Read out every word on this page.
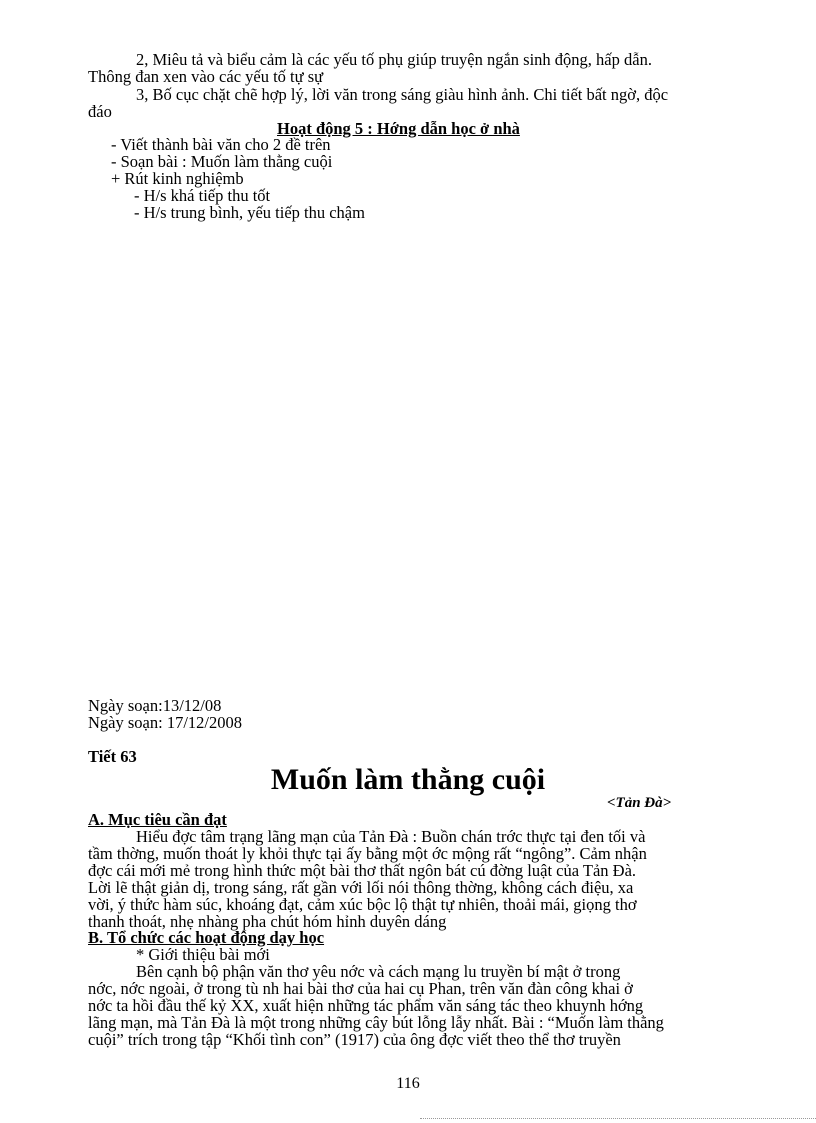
2, Miêu tả và biểu cảm là các yếu tố phụ giúp truyện ngắn sinh động, hấp dẫn.
Thông đan xen vào các yếu tố tự sự
3, Bố cục chặt chẽ hợp lý, lời văn trong sáng giàu hình ảnh. Chi tiết bất ngờ, độc
đáo
Hoạt động 5 : Hớng dẫn học ở nhà
- Viết thành bài văn cho 2 đề trên
- Soạn bài : Muốn làm thằng cuội
+ Rút kinh nghiệmb
- H/s khá tiếp thu tốt
- H/s trung bình, yếu tiếp thu chậm
Ngày soạn:13/12/08
Ngày soạn: 17/12/2008
Tiết 63
Muốn làm thằng cuội
<Tản Đà>
A. Mục tiêu cần đạt
Hiểu đợc tâm trạng lãng mạn của Tản Đà : Buồn chán trớc thực tại đen tối và
tầm thờng, muốn thoát ly khỏi thực tại ấy bằng một ớc mộng rất “ngông”. Cảm nhận
đợc cái mới mẻ trong hình thức một bài thơ thất ngôn bát cú đờng luật của Tản Đà.
Lời lẽ thật giản dị, trong sáng, rất gần với lối nói thông thờng, không cách điệu, xa
vời, ý thức hàm súc, khoáng đạt, cảm xúc bộc lộ thật tự nhiên, thoải mái, giọng thơ
thanh thoát, nhẹ nhàng pha chút hóm hỉnh duyên dáng
B. Tổ chức các hoạt động dạy học
* Giới thiệu bài mới
Bên cạnh bộ phận văn thơ yêu nớc và cách mạng lu truyền bí mật ở trong
nớc, nớc ngoài, ở trong tù nh hai bài thơ của hai cụ Phan, trên văn đàn công khai ở
nớc ta hồi đầu thế kỷ XX, xuất hiện những tác phẩm văn sáng tác theo khuynh hớng
lãng mạn, mà Tản Đà là một trong những cây bút lỗng lẫy nhất. Bài : “Muốn làm thằng
cuội” trích trong tập “Khối tình con” (1917) của ông đợc viết theo thể thơ truyền
116
